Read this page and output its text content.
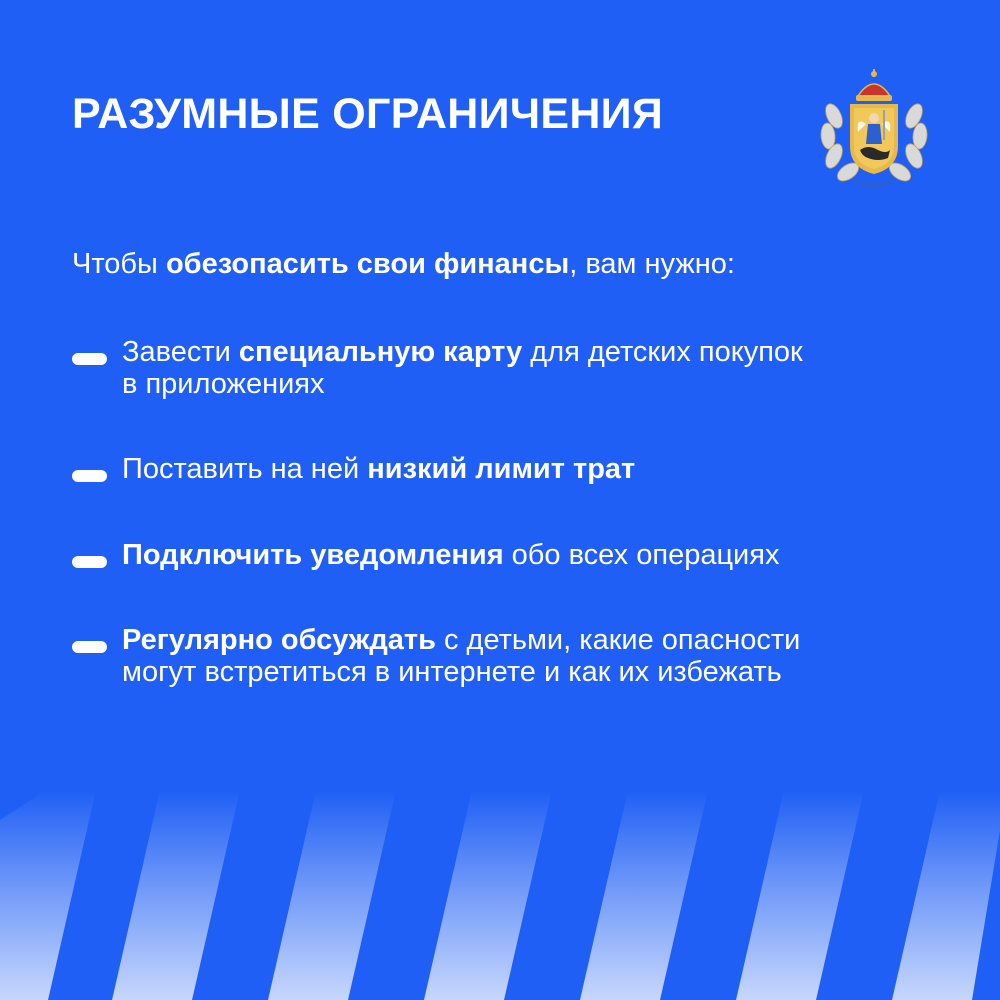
РАЗУМНЫЕ ОГРАНИЧЕНИЯ

Чтобы обезопасить свои финансы, вам нужно:

Завести специальную карту для детских покупок
в приложениях
Поставить на ней низкий лимит трат
Подключить уведомления обо всех операциях
Регулярно обсуждать с детьми, какие опасности
могут встретиться в интернете и как их избежать
